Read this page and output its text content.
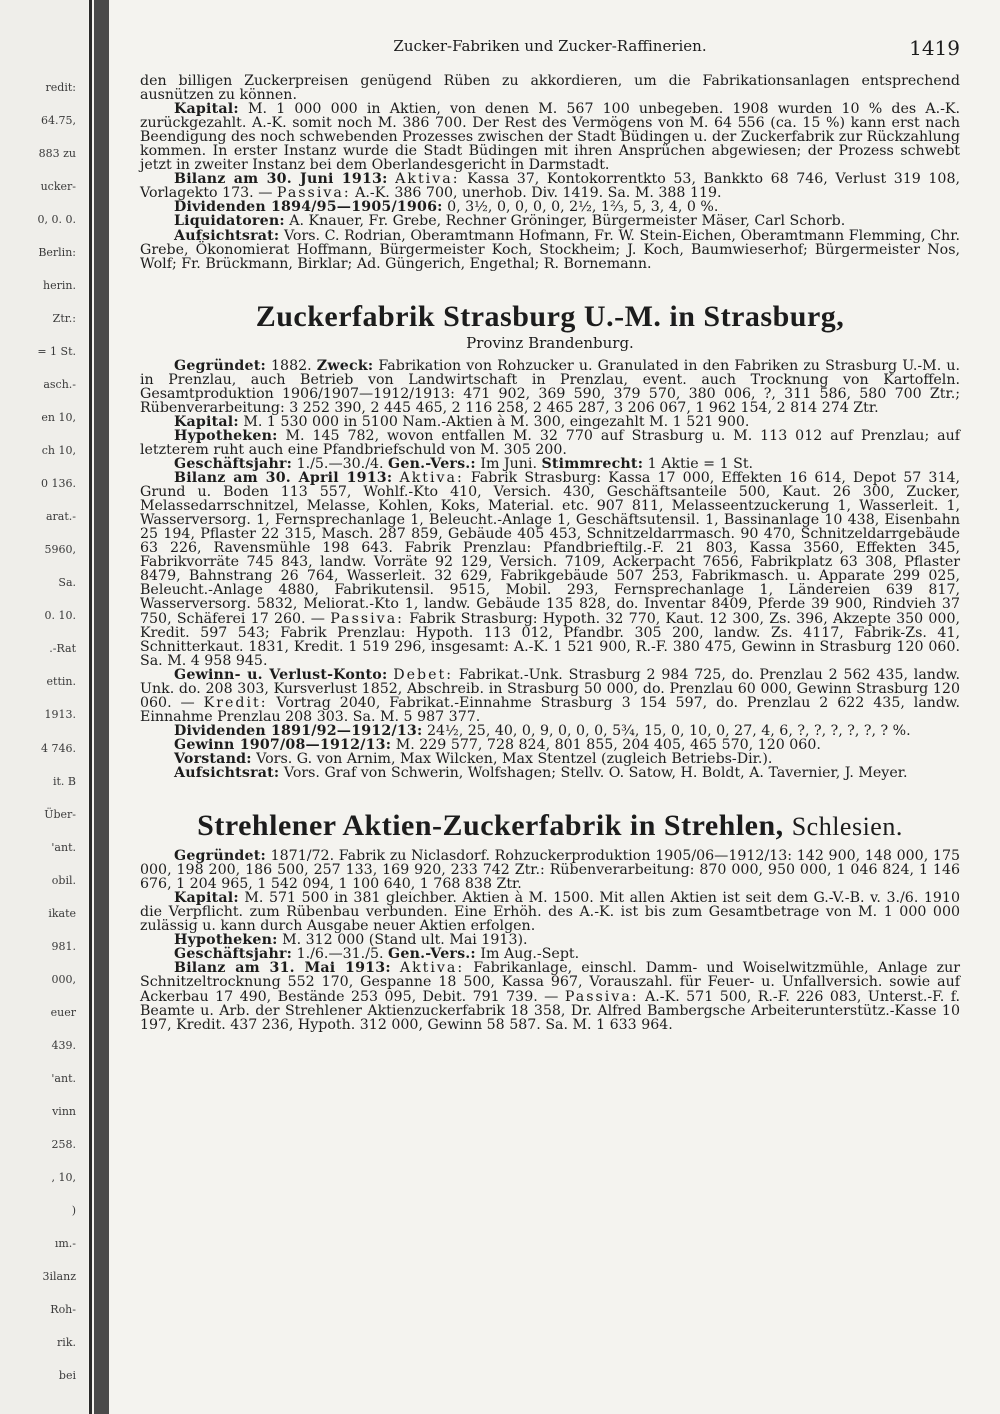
redit:
64.75,
883 zu
ucker-
0, 0. 0.
Berlin:
herin.
Ztr.:
= 1 St.
asch.-
en 10,
ch 10,
0 136.
arat.-
5960,
Sa.
0. 10.
.-Rat
ettin.
1913.
4 746.
it. B
Über-
'ant.
obil.
ikate
981.
000,
euer
439.
'ant.
vinn
258.
, 10,
)
ım.-
3ilanz
Roh-
rik.
bei
Zucker-Fabriken und Zucker-Raffinerien.	1419

den billigen Zuckerpreisen genügend Rüben zu akkordieren, um die Fabrikationsanlagen entsprechend ausnützen zu können.

Kapital: M. 1 000 000 in Aktien, von denen M. 567 100 unbegeben. 1908 wurden 10 % des A.-K. zurückgezahlt. A.-K. somit noch M. 386 700. Der Rest des Vermögens von M. 64 556 (ca. 15 %) kann erst nach Beendigung des noch schwebenden Prozesses zwischen der Stadt Büdingen u. der Zuckerfabrik zur Rückzahlung kommen. In erster Instanz wurde die Stadt Büdingen mit ihren Ansprüchen abgewiesen; der Prozess schwebt jetzt in zweiter Instanz bei dem Oberlandesgericht in Darmstadt.

Bilanz am 30. Juni 1913: Aktiva: Kassa 37, Kontokorrentkto 53, Bankkto 68 746, Verlust 319 108, Vorlagekto 173. — Passiva: A.-K. 386 700, unerhob. Div. 1419. Sa. M. 388 119.

Dividenden 1894/95—1905/1906: 0, 3½, 0, 0, 0, 0, 2½, 1⅔, 5, 3, 4, 0 %.

Liquidatoren: A. Knauer, Fr. Grebe, Rechner Gröninger, Bürgermeister Mäser, Carl Schorb.

Aufsichtsrat: Vors. C. Rodrian, Oberamtmann Hofmann, Fr. W. Stein-Eichen, Oberamtmann Flemming, Chr. Grebe, Ökonomierat Hoffmann, Bürgermeister Koch, Stockheim; J. Koch, Baumwieserhof; Bürgermeister Nos, Wolf; Fr. Brückmann, Birklar; Ad. Güngerich, Engethal; R. Bornemann.

Zuckerfabrik Strasburg U.-M. in Strasburg,
Provinz Brandenburg.

Gegründet: 1882. Zweck: Fabrikation von Rohzucker u. Granulated in den Fabriken zu Strasburg U.-M. u. in Prenzlau, auch Betrieb von Landwirtschaft in Prenzlau, event. auch Trocknung von Kartoffeln. Gesamtproduktion 1906/1907—1912/1913: 471 902, 369 590, 379 570, 380 006, ?, 311 586, 580 700 Ztr.; Rübenverarbeitung: 3 252 390, 2 445 465, 2 116 258, 2 465 287, 3 206 067, 1 962 154, 2 814 274 Ztr.

Kapital: M. 1 530 000 in 5100 Nam.-Aktien à M. 300, eingezahlt M. 1 521 900.

Hypotheken: M. 145 782, wovon entfallen M. 32 770 auf Strasburg u. M. 113 012 auf Prenzlau; auf letzterem ruht auch eine Pfandbriefschuld von M. 305 200.

Geschäftsjahr: 1./5.—30./4. Gen.-Vers.: Im Juni. Stimmrecht: 1 Aktie = 1 St.

Bilanz am 30. April 1913: Aktiva: Fabrik Strasburg: Kassa 17 000, Effekten 16 614, Depot 57 314, Grund u. Boden 113 557, Wohlf.-Kto 410, Versich. 430, Geschäftsanteile 500, Kaut. 26 300, Zucker, Melassedarrschnitzel, Melasse, Kohlen, Koks, Material. etc. 907 811, Melasseentzuckerung 1, Wasserleit. 1, Wasserversorg. 1, Fernsprechanlage 1, Beleucht.-Anlage 1, Geschäftsutensil. 1, Bassinanlage 10 438, Eisenbahn 25 194, Pflaster 22 315, Masch. 287 859, Gebäude 405 453, Schnitzeldarrmasch. 90 470, Schnitzeldarrgebäude 63 226, Ravensmühle 198 643. Fabrik Prenzlau: Pfandbrieftilg.-F. 21 803, Kassa 3560, Effekten 345, Fabrikvorräte 745 843, landw. Vorräte 92 129, Versich. 7109, Ackerpacht 7656, Fabrikplatz 63 308, Pflaster 8479, Bahnstrang 26 764, Wasserleit. 32 629, Fabrikgebäude 507 253, Fabrikmasch. u. Apparate 299 025, Beleucht.-Anlage 4880, Fabrikutensil. 9515, Mobil. 293, Fernsprechanlage 1, Ländereien 639 817, Wasserversorg. 5832, Meliorat.-Kto 1, landw. Gebäude 135 828, do. Inventar 8409, Pferde 39 900, Rindvieh 37 750, Schäferei 17 260. — Passiva: Fabrik Strasburg: Hypoth. 32 770, Kaut. 12 300, Zs. 396, Akzepte 350 000, Kredit. 597 543; Fabrik Prenzlau: Hypoth. 113 012, Pfandbr. 305 200, landw. Zs. 4117, Fabrik-Zs. 41, Schnitterkaut. 1831, Kredit. 1 519 296, insgesamt: A.-K. 1 521 900, R.-F. 380 475, Gewinn in Strasburg 120 060. Sa. M. 4 958 945.

Gewinn- u. Verlust-Konto: Debet: Fabrikat.-Unk. Strasburg 2 984 725, do. Prenzlau 2 562 435, landw. Unk. do. 208 303, Kursverlust 1852, Abschreib. in Strasburg 50 000, do. Prenzlau 60 000, Gewinn Strasburg 120 060. — Kredit: Vortrag 2040, Fabrikat.-Einnahme Strasburg 3 154 597, do. Prenzlau 2 622 435, landw. Einnahme Prenzlau 208 303. Sa. M. 5 987 377.

Dividenden 1891/92—1912/13: 24½, 25, 40, 0, 9, 0, 0, 0, 5¾, 15, 0, 10, 0, 27, 4, 6, ?, ?, ?, ?, ?, ? %.

Gewinn 1907/08—1912/13: M. 229 577, 728 824, 801 855, 204 405, 465 570, 120 060.

Vorstand: Vors. G. von Arnim, Max Wilcken, Max Stentzel (zugleich Betriebs-Dir.).

Aufsichtsrat: Vors. Graf von Schwerin, Wolfshagen; Stellv. O. Satow, H. Boldt, A. Tavernier, J. Meyer.

Strehlener Aktien-Zuckerfabrik in Strehlen, Schlesien.

Gegründet: 1871/72. Fabrik zu Niclasdorf. Rohzuckerproduktion 1905/06—1912/13: 142 900, 148 000, 175 000, 198 200, 186 500, 257 133, 169 920, 233 742 Ztr.: Rübenverarbeitung: 870 000, 950 000, 1 046 824, 1 146 676, 1 204 965, 1 542 094, 1 100 640, 1 768 838 Ztr.

Kapital: M. 571 500 in 381 gleichber. Aktien à M. 1500. Mit allen Aktien ist seit dem G.-V.-B. v. 3./6. 1910 die Verpflicht. zum Rübenbau verbunden. Eine Erhöh. des A.-K. ist bis zum Gesamtbetrage von M. 1 000 000 zulässig u. kann durch Ausgabe neuer Aktien erfolgen.

Hypotheken: M. 312 000 (Stand ult. Mai 1913).

Geschäftsjahr: 1./6.—31./5. Gen.-Vers.: Im Aug.-Sept.

Bilanz am 31. Mai 1913: Aktiva: Fabrikanlage, einschl. Damm- und Woiselwitzmühle, Anlage zur Schnitzeltrocknung 552 170, Gespanne 18 500, Kassa 967, Vorauszahl. für Feuer- u. Unfallversich. sowie auf Ackerbau 17 490, Bestände 253 095, Debit. 791 739. — Passiva: A.-K. 571 500, R.-F. 226 083, Unterst.-F. f. Beamte u. Arb. der Strehlener Aktienzuckerfabrik 18 358, Dr. Alfred Bambergsche Arbeiterunterstütz.-Kasse 10 197, Kredit. 437 236, Hypoth. 312 000, Gewinn 58 587. Sa. M. 1 633 964.
